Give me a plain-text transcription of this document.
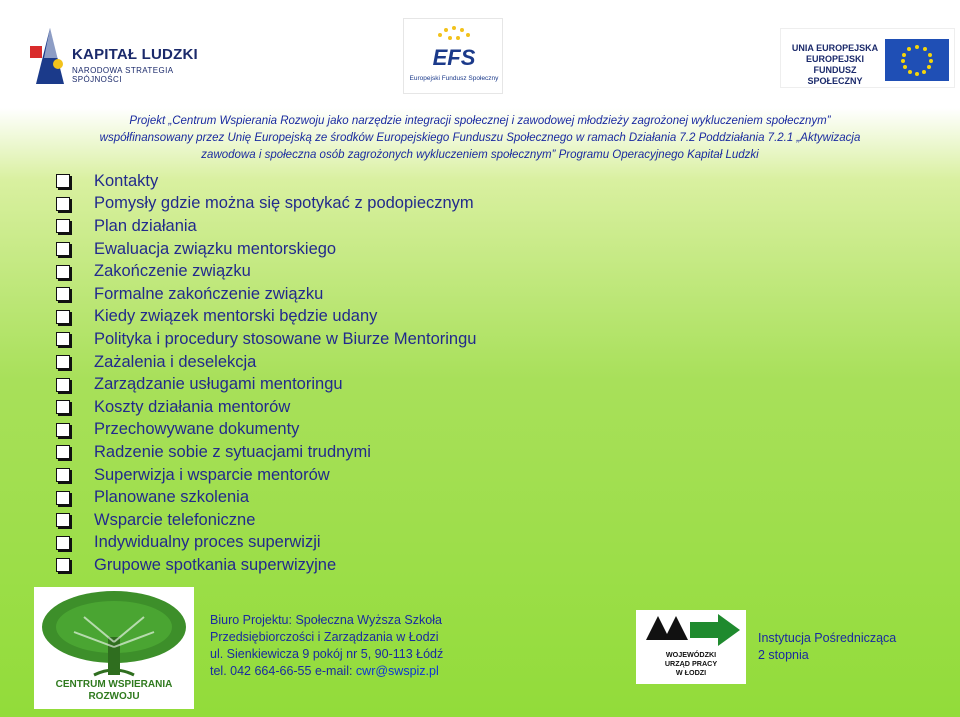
KAPITAŁ LUDZKI
NARODOWA STRATEGIA SPÓJNOŚCI
EFS
Europejski Fundusz Społeczny
UNIA EUROPEJSKA
EUROPEJSKI
FUNDUSZ SPOŁECZNY
Projekt „Centrum Wspierania Rozwoju jako narzędzie integracji społecznej i zawodowej młodzieży zagrożonej wykluczeniem społecznym”
współfinansowany przez Unię Europejską ze środków Europejskiego Funduszu Społecznego w ramach Działania 7.2 Poddziałania 7.2.1 „Aktywizacja
zawodowa i społeczna osób zagrożonych wykluczeniem społecznym” Programu Operacyjnego Kapitał Ludzki
Kontakty
Pomysły gdzie można się spotykać z podopiecznym
Plan działania
Ewaluacja związku mentorskiego
Zakończenie związku
Formalne zakończenie związku
Kiedy związek mentorski będzie udany
Polityka i procedury stosowane w Biurze Mentoringu
Zażalenia i deselekcja
Zarządzanie usługami mentoringu
Koszty działania mentorów
Przechowywane dokumenty
Radzenie sobie z sytuacjami trudnymi
Superwizja i wsparcie mentorów
Planowane szkolenia
Wsparcie telefoniczne
Indywidualny proces superwizji
Grupowe spotkania superwizyjne
CENTRUM WSPIERANIA
ROZWOJU
Biuro Projektu: Społeczna Wyższa Szkoła
Przedsiębiorczości i Zarządzania w Łodzi
ul. Sienkiewicza 9 pokój nr 5, 90-113 Łódź
tel. 042 664-66-55 e-mail: cwr@swspiz.pl
WOJEWÓDZKI
URZĄD PRACY
W ŁODZI
Instytucja Pośrednicząca
2 stopnia
